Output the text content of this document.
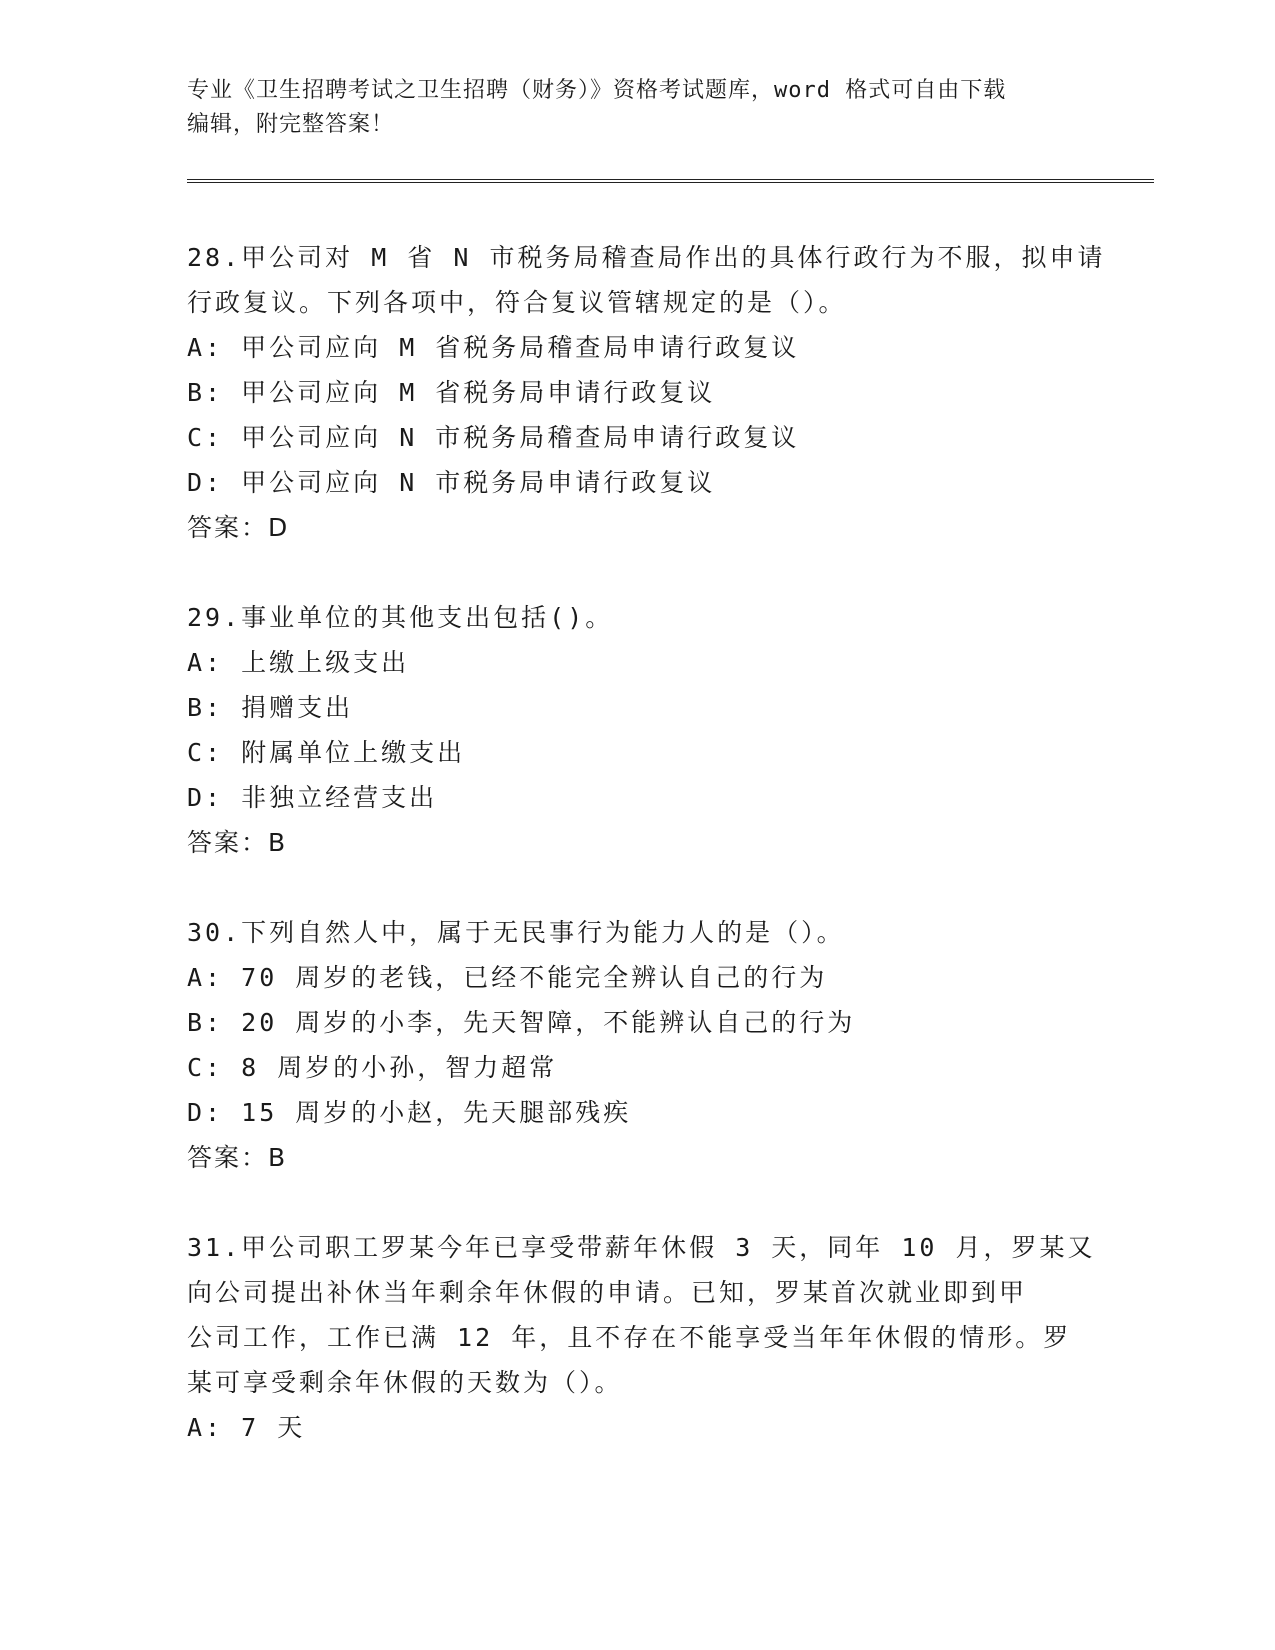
专业《卫生招聘考试之卫生招聘（财务）》资格考试题库，word 格式可自由下载
编辑，附完整答案！
28.甲公司对 M 省 N 市税务局稽查局作出的具体行政行为不服，拟申请
行政复议。下列各项中，符合复议管辖规定的是（）。
A: 甲公司应向 M 省税务局稽查局申请行政复议
B: 甲公司应向 M 省税务局申请行政复议
C: 甲公司应向 N 市税务局稽查局申请行政复议
D: 甲公司应向 N 市税务局申请行政复议
答案：D
29.事业单位的其他支出包括()。
A: 上缴上级支出
B: 捐赠支出
C: 附属单位上缴支出
D: 非独立经营支出
答案：B
30.下列自然人中，属于无民事行为能力人的是（）。
A: 70 周岁的老钱，已经不能完全辨认自己的行为
B: 20 周岁的小李，先天智障，不能辨认自己的行为
C: 8 周岁的小孙，智力超常
D: 15 周岁的小赵，先天腿部残疾
答案：B
31.甲公司职工罗某今年已享受带薪年休假 3 天，同年 10 月，罗某又
向公司提出补休当年剩余年休假的申请。已知，罗某首次就业即到甲
公司工作，工作已满 12 年，且不存在不能享受当年年休假的情形。罗
某可享受剩余年休假的天数为（）。
A: 7 天
